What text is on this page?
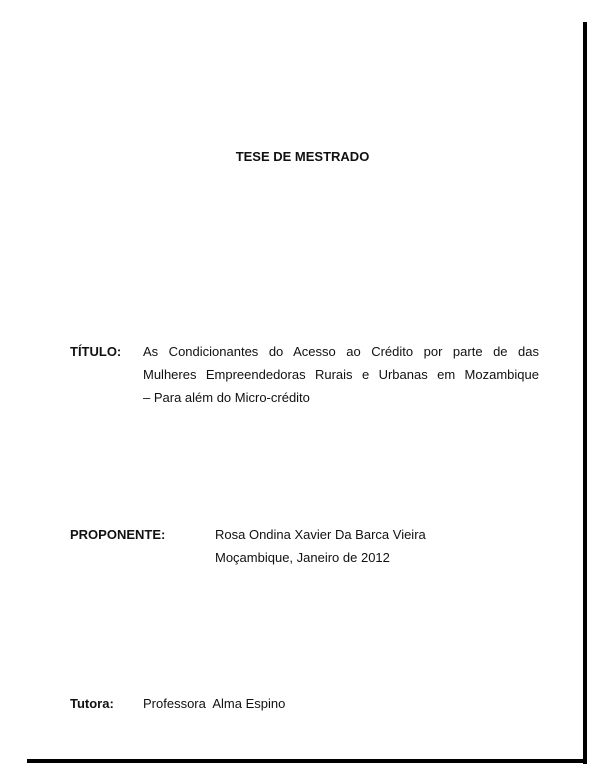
TESE DE MESTRADO
TÍTULO: As Condicionantes do Acesso ao Crédito por parte de das
Mulheres Empreendedoras Rurais e Urbanas em Mozambique
– Para além do Micro-crédito
PROPONENTE:	Rosa Ondina Xavier Da Barca Vieira
Moçambique, Janeiro de 2012
Tutora: Professora  Alma Espino
